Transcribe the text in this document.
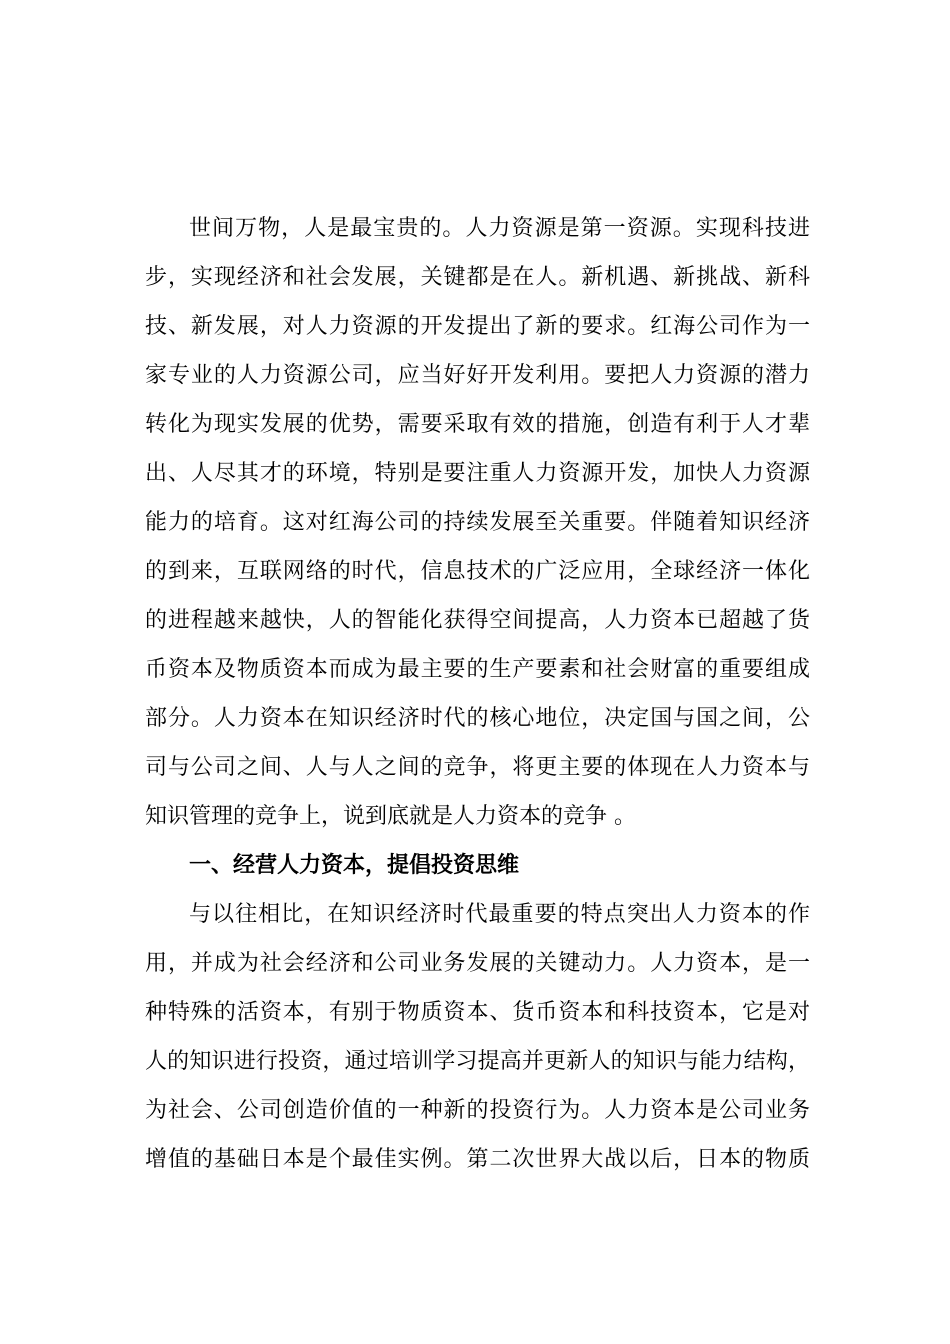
世间万物，人是最宝贵的。人力资源是第一资源。实现科技进
步，实现经济和社会发展，关键都是在人。新机遇、新挑战、新科
技、新发展，对人力资源的开发提出了新的要求。红海公司作为一
家专业的人力资源公司，应当好好开发利用。要把人力资源的潜力
转化为现实发展的优势，需要采取有效的措施，创造有利于人才辈
出、人尽其才的环境，特别是要注重人力资源开发，加快人力资源
能力的培育。这对红海公司的持续发展至关重要。伴随着知识经济
的到来，互联网络的时代，信息技术的广泛应用，全球经济一体化
的进程越来越快，人的智能化获得空间提高，人力资本已超越了货
币资本及物质资本而成为最主要的生产要素和社会财富的重要组成
部分。人力资本在知识经济时代的核心地位，决定国与国之间，公
司与公司之间、人与人之间的竞争，将更主要的体现在人力资本与
知识管理的竞争上，说到底就是人力资本的竞争 。
一、经营人力资本，提倡投资思维
与以往相比，在知识经济时代最重要的特点突出人力资本的作
用，并成为社会经济和公司业务发展的关键动力。人力资本，是一
种特殊的活资本，有别于物质资本、货币资本和科技资本，它是对
人的知识进行投资，通过培训学习提高并更新人的知识与能力结构，
为社会、公司创造价值的一种新的投资行为。人力资本是公司业务
增值的基础日本是个最佳实例。第二次世界大战以后，日本的物质
